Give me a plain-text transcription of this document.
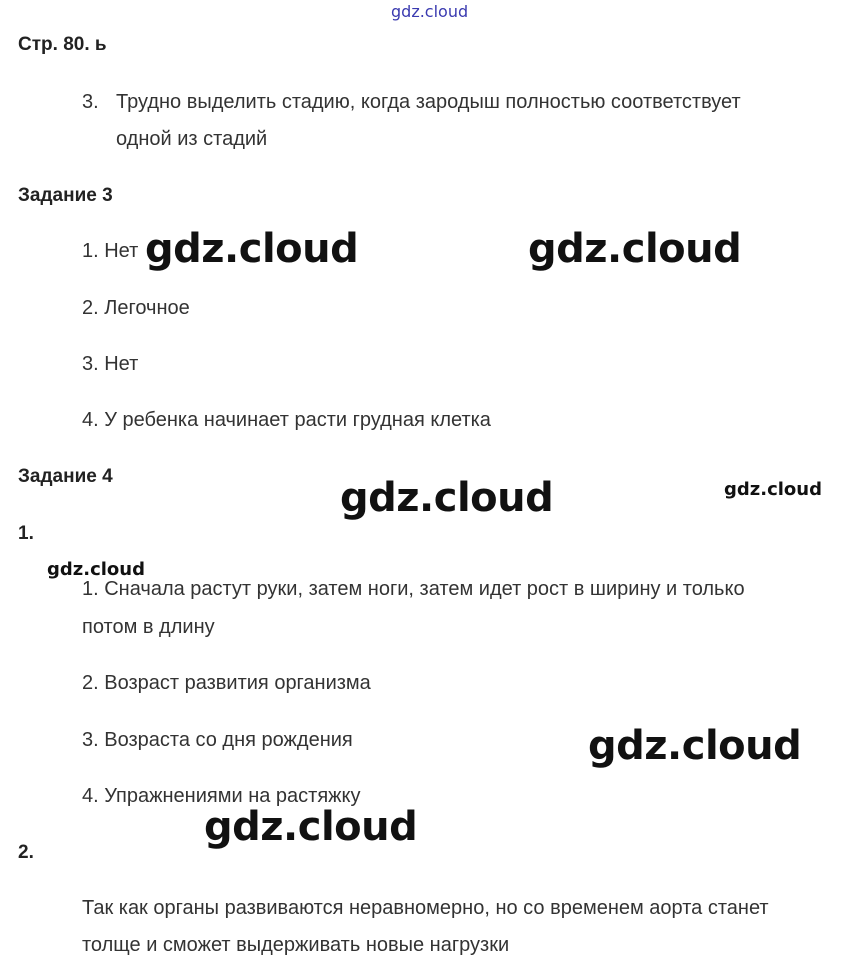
gdz.cloud
Стр. 80. ь
3. Трудно выделить стадию, когда зародыш полностью соответствует
одной из стадий
Задание 3
1. Нет
2. Легочное
3. Нет
4. У ребенка начинает расти грудная клетка
Задание 4
1.
1. Сначала растут руки, затем ноги, затем идет рост в ширину и только
потом в длину
2. Возраст развития организма
3. Возраста со дня рождения
4. Упражнениями на растяжку
2.
Так как органы развиваются неравномерно, но со временем аорта станет
толще и сможет выдерживать новые нагрузки
gdz.cloud	gdz.cloud
gdz.cloud	gdz.cloud
gdz.cloud
gdz.cloud
gdz.cloud
